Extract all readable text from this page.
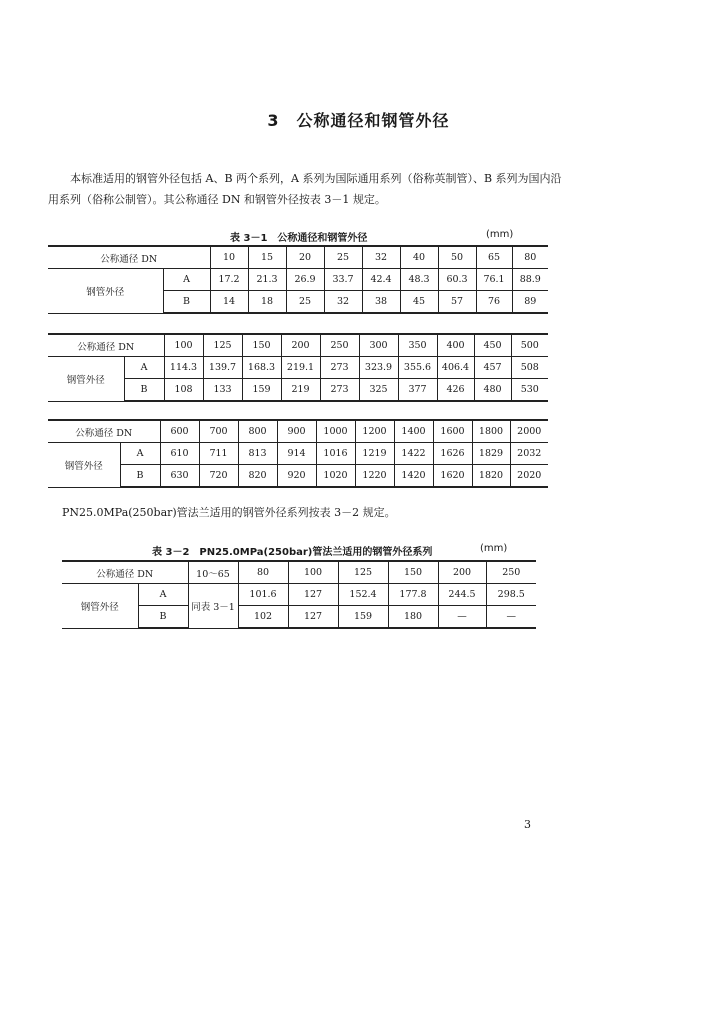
3　公称通径和钢管外径
本标准适用的钢管外径包括 A、B 两个系列，A 系列为国际通用系列（俗称英制管）、B 系列为国内沿用系列（俗称公制管）。其公称通径 DN 和钢管外径按表 3－1 规定。
表 3－1　公称通径和钢管外径	(mm)
公称通径 DN		10	15	20	25	32	40	50	65	80
钢管外径	A	17.2	21.3	26.9	33.7	42.4	48.3	60.3	76.1	88.9
	B	14	18	25	32	38	45	57	76	89
公称通径 DN		100	125	150	200	250	300	350	400	450	500
钢管外径	A	114.3	139.7	168.3	219.1	273	323.9	355.6	406.4	457	508
	B	108	133	159	219	273	325	377	426	480	530
公称通径 DN		600	700	800	900	1000	1200	1400	1600	1800	2000
钢管外径	A	610	711	813	914	1016	1219	1422	1626	1829	2032
	B	630	720	820	920	1020	1220	1420	1620	1820	2020
PN25.0MPa(250bar)管法兰适用的钢管外径系列按表 3－2 规定。
表 3－2　PN25.0MPa(250bar)管法兰适用的钢管外径系列	(mm)
公称通径 DN		10～65	80	100	125	150	200	250
钢管外径	A	同表 3－1	101.6	127	152.4	177.8	244.5	298.5
	B		102	127	159	180	—	—
3
